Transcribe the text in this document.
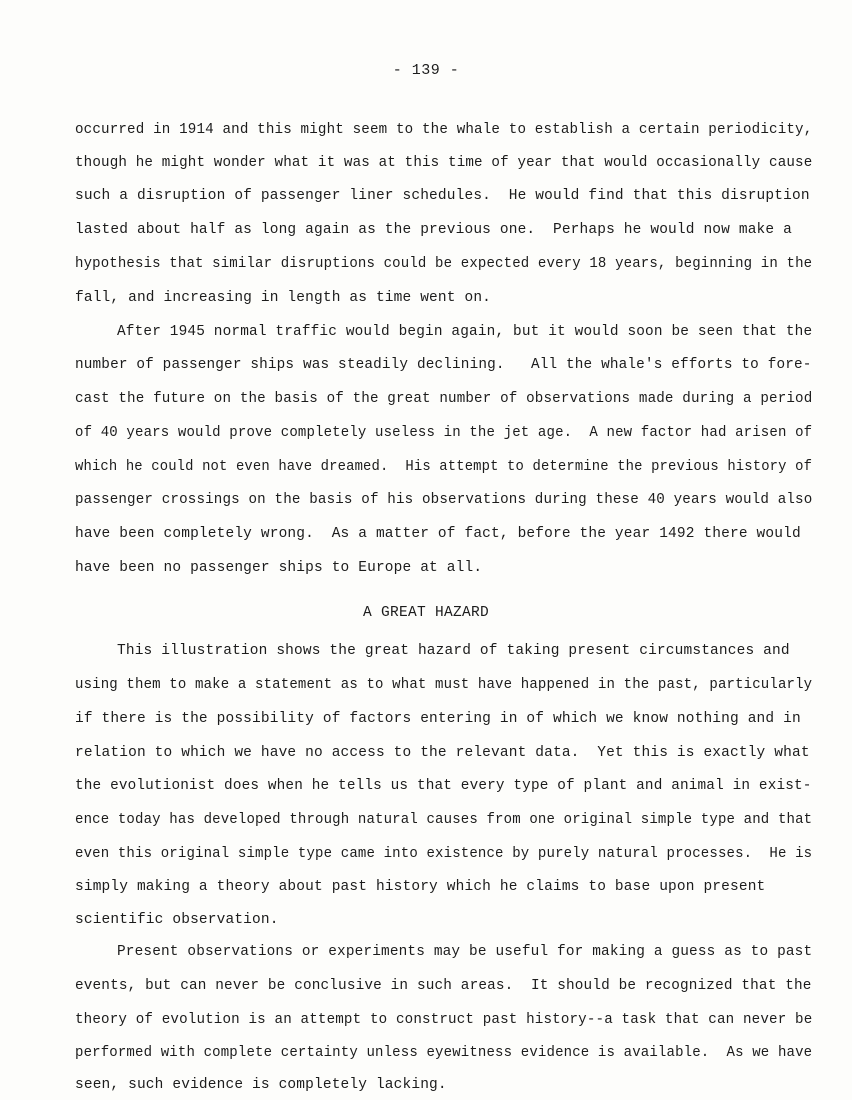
- 139 -
occurred in 1914 and this might seem to the whale to establish a certain periodicity,
though he might wonder what it was at this time of year that would occasionally cause
such a disruption of passenger liner schedules.  He would find that this disruption
lasted about half as long again as the previous one.  Perhaps he would now make a
hypothesis that similar disruptions could be expected every 18 years, beginning in the
fall, and increasing in length as time went on.
After 1945 normal traffic would begin again, but it would soon be seen that the
number of passenger ships was steadily declining.   All the whale's efforts to fore-
cast the future on the basis of the great number of observations made during a period
of 40 years would prove completely useless in the jet age.  A new factor had arisen of
which he could not even have dreamed.  His attempt to determine the previous history of
passenger crossings on the basis of his observations during these 40 years would also
have been completely wrong.  As a matter of fact, before the year 1492 there would
have been no passenger ships to Europe at all.
A GREAT HAZARD
This illustration shows the great hazard of taking present circumstances and
using them to make a statement as to what must have happened in the past, particularly
if there is the possibility of factors entering in of which we know nothing and in
relation to which we have no access to the relevant data.  Yet this is exactly what
the evolutionist does when he tells us that every type of plant and animal in exist-
ence today has developed through natural causes from one original simple type and that
even this original simple type came into existence by purely natural processes.  He is
simply making a theory about past history which he claims to base upon present
scientific observation.
Present observations or experiments may be useful for making a guess as to past
events, but can never be conclusive in such areas.  It should be recognized that the
theory of evolution is an attempt to construct past history--a task that can never be
performed with complete certainty unless eyewitness evidence is available.  As we have
seen, such evidence is completely lacking.
